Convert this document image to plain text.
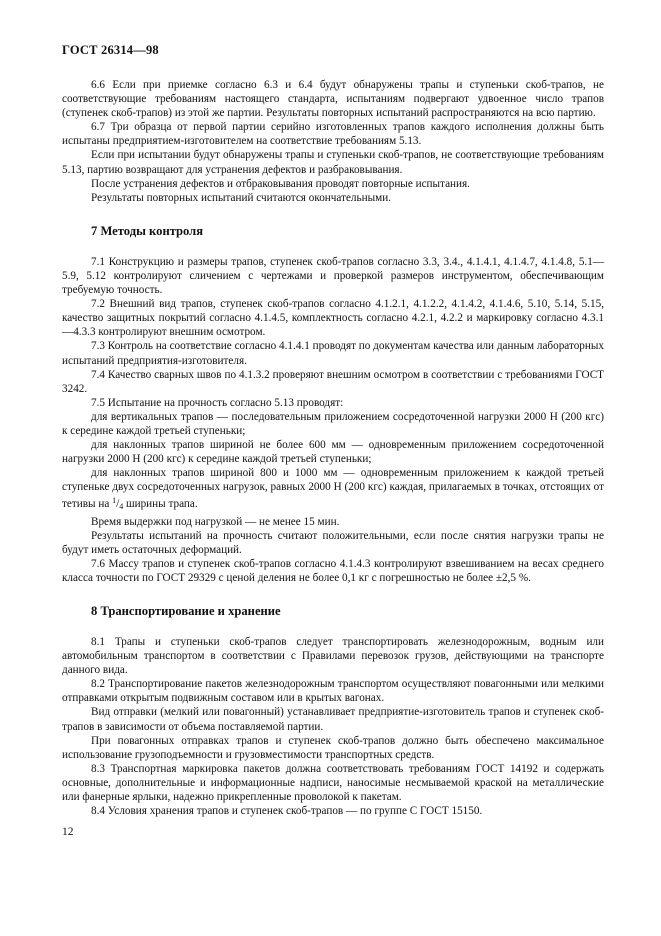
ГОСТ 26314—98

6.6 Если при приемке согласно 6.3 и 6.4 будут обнаружены трапы и ступеньки скоб-трапов, не соответствующие требованиям настоящего стандарта, испытаниям подвергают удвоенное число трапов (ступенек скоб-трапов) из этой же партии. Результаты повторных испытаний распространяются на всю партию.

6.7 Три образца от первой партии серийно изготовленных трапов каждого исполнения должны быть испытаны предприятием-изготовителем на соответствие требованиям 5.13.

Если при испытании будут обнаружены трапы и ступеньки скоб-трапов, не соответствующие требованиям 5.13, партию возвращают для устранения дефектов и разбраковывания.

После устранения дефектов и отбраковывания проводят повторные испытания.

Результаты повторных испытаний считаются окончательными.

7 Методы контроля

7.1 Конструкцию и размеры трапов, ступенек скоб-трапов согласно 3.3, 3.4., 4.1.4.1, 4.1.4.7, 4.1.4.8, 5.1—5.9, 5.12 контролируют сличением с чертежами и проверкой размеров инструментом, обеспечивающим требуемую точность.

7.2 Внешний вид трапов, ступенек скоб-трапов согласно 4.1.2.1, 4.1.2.2, 4.1.4.2, 4.1.4.6, 5.10, 5.14, 5.15, качество защитных покрытий согласно 4.1.4.5, комплектность согласно 4.2.1, 4.2.2 и маркировку согласно 4.3.1—4.3.3 контролируют внешним осмотром.

7.3 Контроль на соответствие согласно 4.1.4.1 проводят по документам качества или данным лабораторных испытаний предприятия-изготовителя.

7.4 Качество сварных швов по 4.1.3.2 проверяют внешним осмотром в соответствии с требованиями ГОСТ 3242.

7.5 Испытание на прочность согласно 5.13 проводят:

для вертикальных трапов — последовательным приложением сосредоточенной нагрузки 2000 Н (200 кгс) к середине каждой третьей ступеньки;

для наклонных трапов шириной не более 600 мм — одновременным приложением сосредоточенной нагрузки 2000 Н (200 кгс) к середине каждой третьей ступеньки;

для наклонных трапов шириной 800 и 1000 мм — одновременным приложением к каждой третьей ступеньке двух сосредоточенных нагрузок, равных 2000 Н (200 кгс) каждая, прилагаемых в точках, отстоящих от тетивы на $^1$/4 ширины трапа.

Время выдержки под нагрузкой — не менее 15 мин.

Результаты испытаний на прочность считают положительными, если после снятия нагрузки трапы не будут иметь остаточных деформаций.

7.6 Массу трапов и ступенек скоб-трапов согласно 4.1.4.3 контролируют взвешиванием на весах среднего класса точности по ГОСТ 29329 с ценой деления не более 0,1 кг с погрешностью не более ±2,5 %.

8 Транспортирование и хранение

8.1 Трапы и ступеньки скоб-трапов следует транспортировать железнодорожным, водным или автомобильным транспортом в соответствии с Правилами перевозок грузов, действующими на транспорте данного вида.

8.2 Транспортирование пакетов железнодорожным транспортом осуществляют повагонными или мелкими отправками открытым подвижным составом или в крытых вагонах.

Вид отправки (мелкий или повагонный) устанавливает предприятие-изготовитель трапов и ступенек скоб-трапов в зависимости от объема поставляемой партии.

При повагонных отправках трапов и ступенек скоб-трапов должно быть обеспечено максимальное использование грузоподъемности и грузовместимости транспортных средств.

8.3 Транспортная маркировка пакетов должна соответствовать требованиям ГОСТ 14192 и содержать основные, дополнительные и информационные надписи, наносимые несмываемой краской на металлические или фанерные ярлыки, надежно прикрепленные проволокой к пакетам.

8.4 Условия хранения трапов и ступенек скоб-трапов — по группе С ГОСТ 15150.

12
